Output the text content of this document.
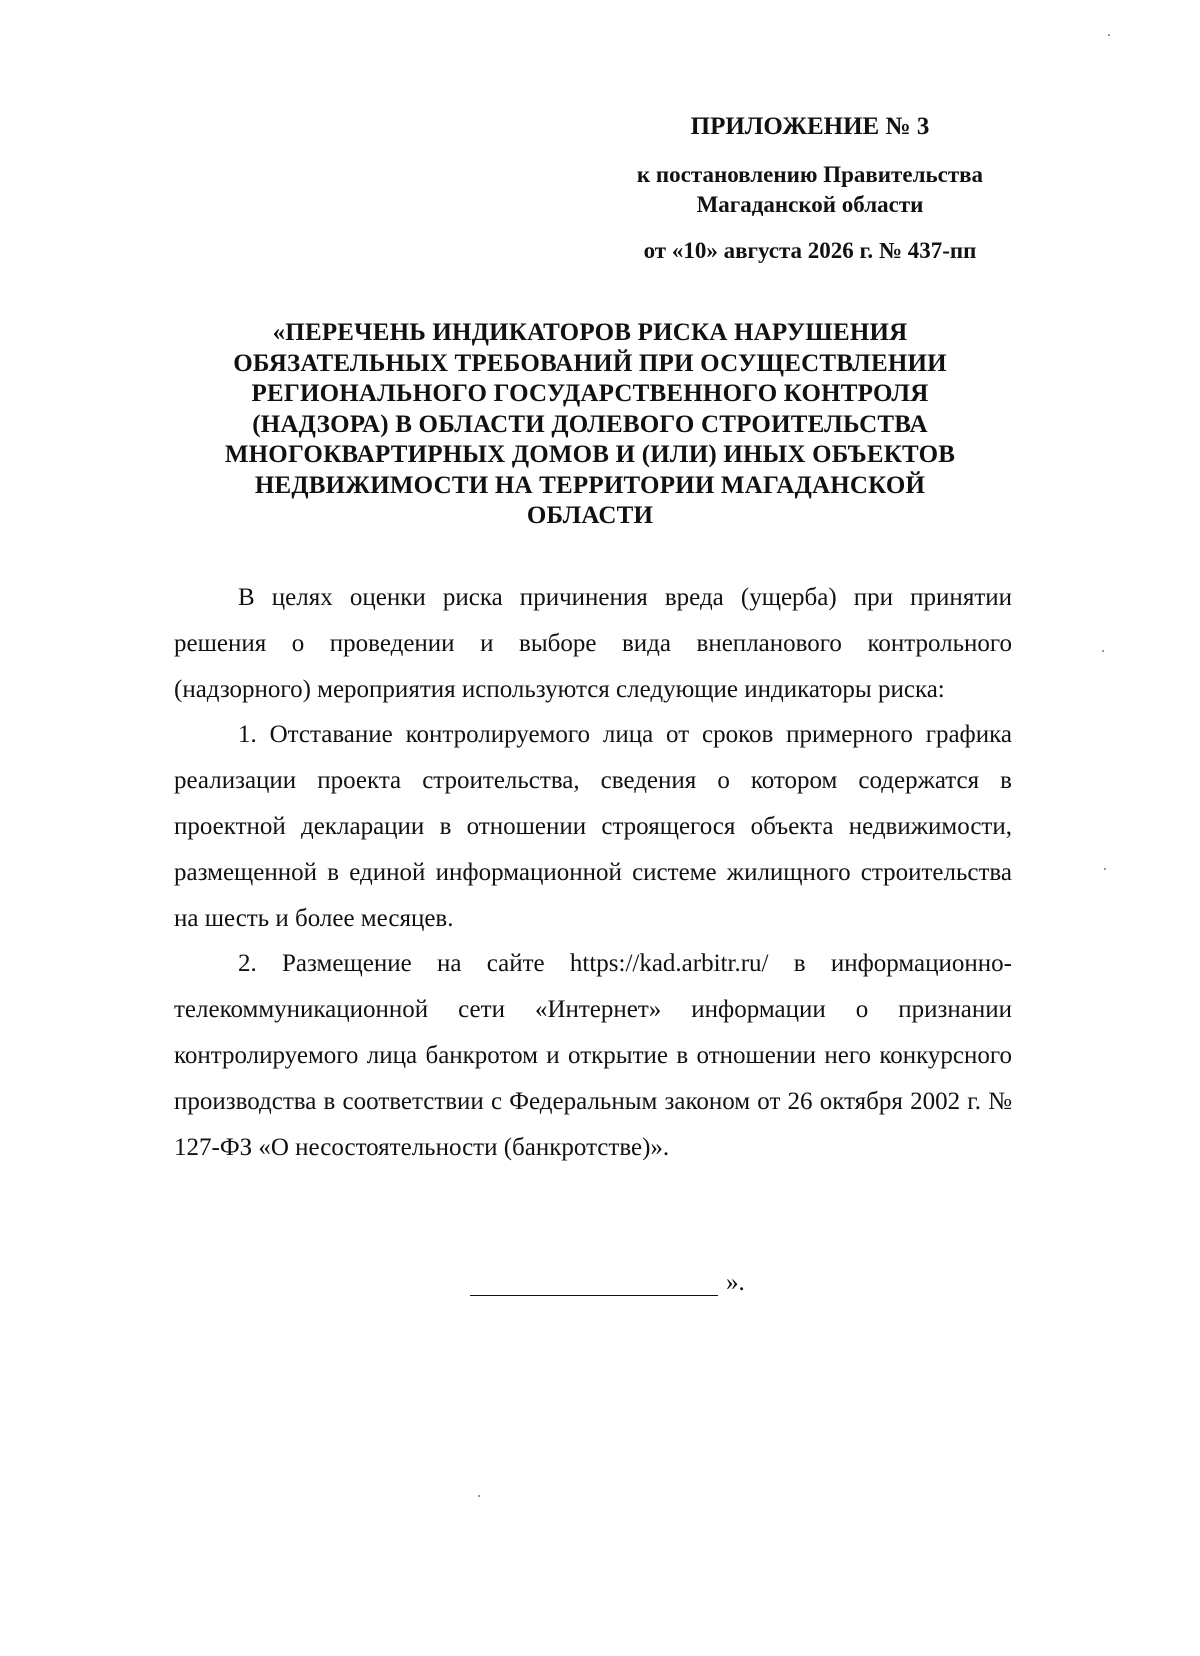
ПРИЛОЖЕНИЕ № 3
к постановлению Правительства
Магаданской области
от «10» августа 2026 г. № 437-пп
«ПЕРЕЧЕНЬ ИНДИКАТОРОВ РИСКА НАРУШЕНИЯ
ОБЯЗАТЕЛЬНЫХ ТРЕБОВАНИЙ ПРИ ОСУЩЕСТВЛЕНИИ
РЕГИОНАЛЬНОГО ГОСУДАРСТВЕННОГО КОНТРОЛЯ
(НАДЗОРА) В ОБЛАСТИ ДОЛЕВОГО СТРОИТЕЛЬСТВА
МНОГОКВАРТИРНЫХ ДОМОВ И (ИЛИ) ИНЫХ ОБЪЕКТОВ
НЕДВИЖИМОСТИ НА ТЕРРИТОРИИ МАГАДАНСКОЙ
ОБЛАСТИ

В целях оценки риска причинения вреда (ущерба) при принятии решения о проведении и выборе вида внепланового контрольного (надзорного) мероприятия используются следующие индикаторы риска:

1. Отставание контролируемого лица от сроков примерного графика реализации проекта строительства, сведения о котором содержатся в проектной декларации в отношении строящегося объекта недвижимости, размещенной в единой информационной системе жилищного строительства на шесть и более месяцев.

2. Размещение на сайте https://kad.arbitr.ru/ в информационно-телекоммуникационной сети «Интернет» информации о признании контролируемого лица банкротом и открытие в отношении него конкурсного производства в соответствии с Федеральным законом от 26 октября 2002 г. № 127-ФЗ «О несостоятельности (банкротстве)».

».
